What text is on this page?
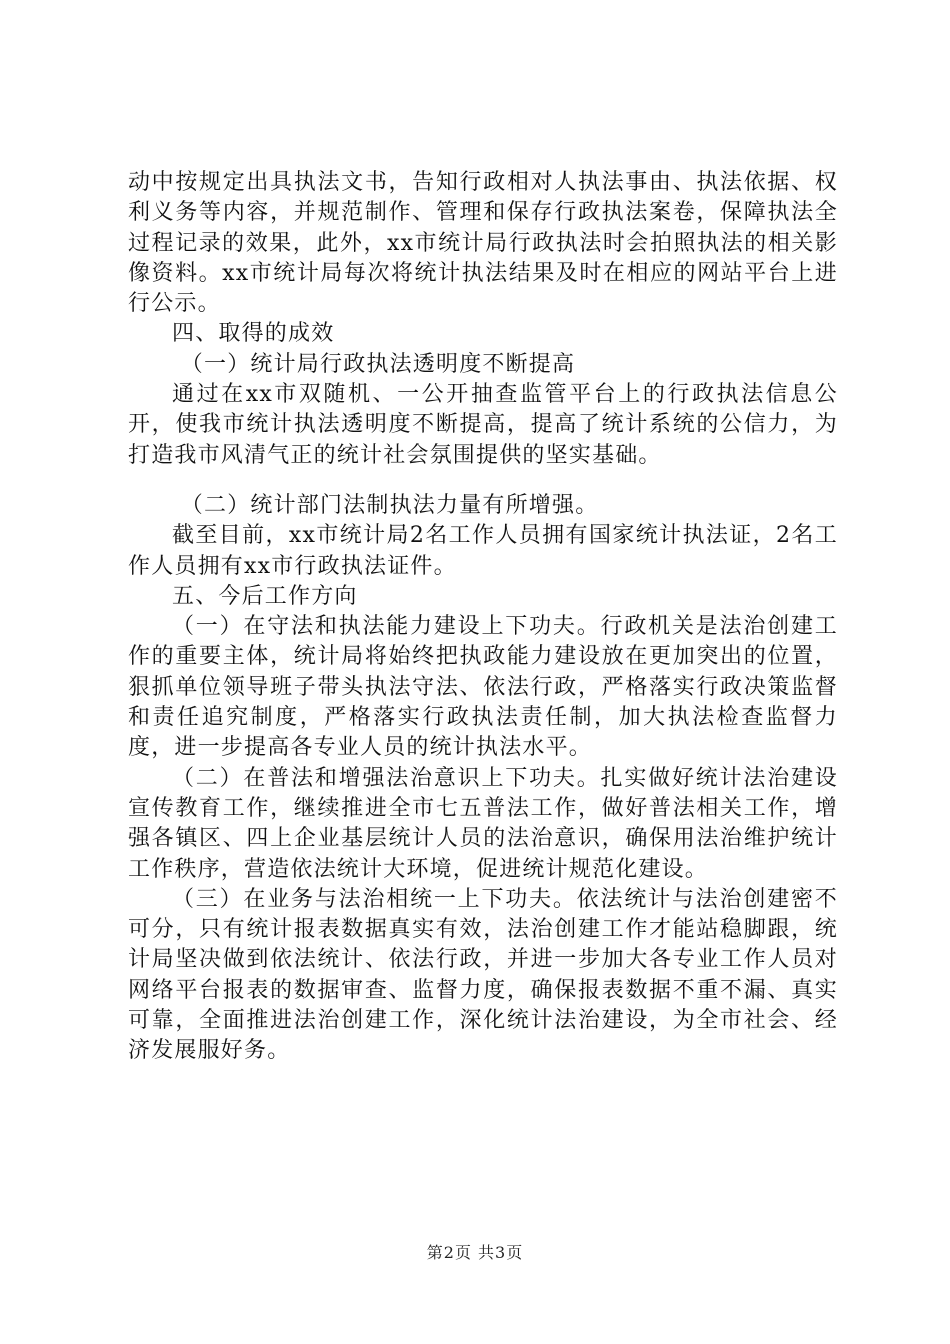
动中按规定出具执法文书，告知行政相对人执法事由、执法依据、权利义务等内容，并规范制作、管理和保存行政执法案卷，保障执法全过程记录的效果，此外，xx市统计局行政执法时会拍照执法的相关影像资料。xx市统计局每次将统计执法结果及时在相应的网站平台上进行公示。

四、取得的成效

（一）统计局行政执法透明度不断提高

通过在xx市双随机、一公开抽查监管平台上的行政执法信息公开，使我市统计执法透明度不断提高，提高了统计系统的公信力，为打造我市风清气正的统计社会氛围提供的坚实基础。

（二）统计部门法制执法力量有所增强。

截至目前，xx市统计局2名工作人员拥有国家统计执法证，2名工作人员拥有xx市行政执法证件。

五、今后工作方向

（一）在守法和执法能力建设上下功夫。行政机关是法治创建工作的重要主体，统计局将始终把执政能力建设放在更加突出的位置，狠抓单位领导班子带头执法守法、依法行政，严格落实行政决策监督和责任追究制度，严格落实行政执法责任制，加大执法检查监督力度，进一步提高各专业人员的统计执法水平。

（二）在普法和增强法治意识上下功夫。扎实做好统计法治建设宣传教育工作，继续推进全市七五普法工作，做好普法相关工作，增强各镇区、四上企业基层统计人员的法治意识，确保用法治维护统计工作秩序，营造依法统计大环境，促进统计规范化建设。

（三）在业务与法治相统一上下功夫。依法统计与法治创建密不可分，只有统计报表数据真实有效，法治创建工作才能站稳脚跟，统计局坚决做到依法统计、依法行政，并进一步加大各专业工作人员对网络平台报表的数据审查、监督力度，确保报表数据不重不漏、真实可靠，全面推进法治创建工作，深化统计法治建设，为全市社会、经济发展服好务。

第2页 共3页
